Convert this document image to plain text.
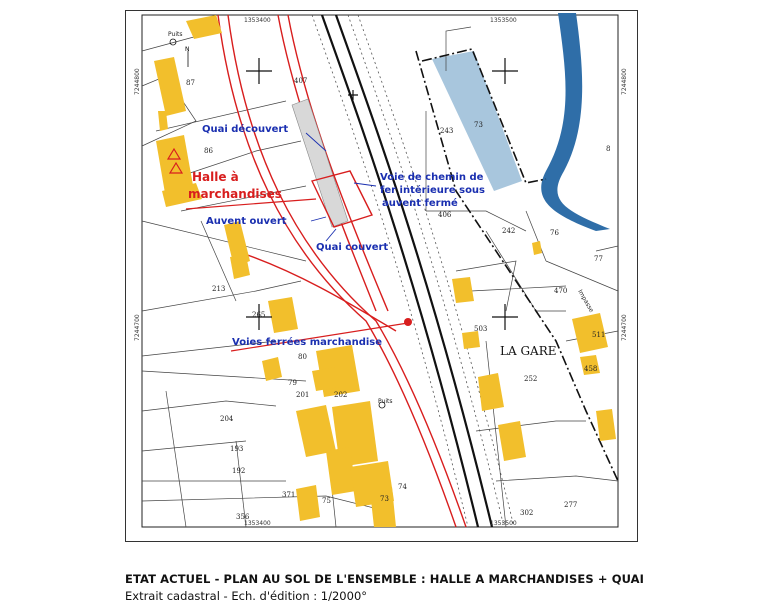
N
1353400	1353500
1353400	1353500
7244800
7244700
7244800
7244700
87
86
407
243
73
8
406
242	76
77
470
213
265
80
79
201	202
204
503
252
511
458
193
192
371
75	73
74
302
277
356
Puits
Puits
Impasse
LA GARE
Quai découvert
Voie de chemin de
fer intérieure sous
auvent fermé
Auvent ouvert
Quai couvert
Voies ferrées marchandise
Halle à
marchandises
ETAT ACTUEL - PLAN AU SOL DE L'ENSEMBLE : HALLE A MARCHANDISES + QUAI
Extrait cadastral - Ech. d'édition : 1/2000°
